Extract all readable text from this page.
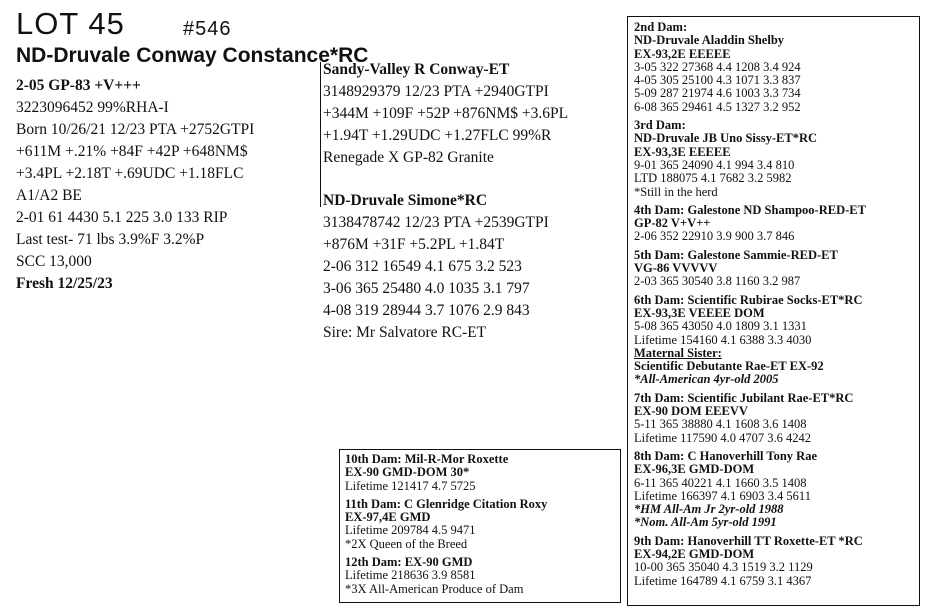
LOT 45	#546
ND-Druvale Conway Constance*RC
2-05 GP-83 +V+++
3223096452 99%RHA-I
Born 10/26/21 12/23 PTA +2752GTPI
+611M +.21% +84F +42P +648NM$
+3.4PL +2.18T +.69UDC +1.18FLC
A1/A2 BE
2-01 61 4430 5.1 225 3.0 133 RIP
Last test- 71 lbs 3.9%F 3.2%P
SCC 13,000
Fresh 12/25/23
Sandy-Valley R Conway-ET
3148929379 12/23 PTA +2940GTPI
+344M +109F +52P +876NM$ +3.6PL
+1.94T +1.29UDC +1.27FLC 99%R
Renegade X GP-82 Granite
ND-Druvale Simone*RC
3138478742 12/23 PTA +2539GTPI
+876M +31F +5.2PL +1.84T
2-06 312 16549 4.1 675 3.2 523
3-06 365 25480 4.0 1035 3.1 797
4-08 319 28944 3.7 1076 2.9 843
Sire: Mr Salvatore RC-ET
2nd Dam:
ND-Druvale Aladdin Shelby
EX-93,2E EEEEE
3-05 322 27368 4.4 1208 3.4 924
4-05 305 25100 4.3 1071 3.3 837
5-09 287 21974 4.6 1003 3.3 734
6-08 365 29461 4.5 1327 3.2 952
3rd Dam:
ND-Druvale JB Uno Sissy-ET*RC
EX-93,3E EEEEE
9-01 365 24090 4.1 994 3.4 810
LTD 188075 4.1 7682 3.2 5982
*Still in the herd
4th Dam: Galestone ND Shampoo-RED-ET
GP-82 V+V++
2-06 352 22910 3.9 900 3.7 846
5th Dam: Galestone Sammie-RED-ET
VG-86 VVVVV
2-03 365 30540 3.8 1160 3.2 987
6th Dam: Scientific Rubirae Socks-ET*RC
EX-93,3E VEEEE DOM
5-08 365 43050 4.0 1809 3.1 1331
Lifetime 154160 4.1 6388 3.3 4030
Maternal Sister:
Scientific Debutante Rae-ET EX-92
*All-American 4yr-old 2005
7th Dam: Scientific Jubilant Rae-ET*RC
EX-90 DOM EEEVV
5-11 365 38880 4.1 1608 3.6 1408
Lifetime 117590 4.0 4707 3.6 4242
8th Dam: C Hanoverhill Tony Rae
EX-96,3E GMD-DOM
6-11 365 40221 4.1 1660 3.5 1408
Lifetime 166397 4.1 6903 3.4 5611
*HM All-Am Jr 2yr-old 1988
*Nom. All-Am 5yr-old 1991
9th Dam: Hanoverhill TT Roxette-ET *RC
EX-94,2E GMD-DOM
10-00 365 35040 4.3 1519 3.2 1129
Lifetime 164789 4.1 6759 3.1 4367
10th Dam: Mil-R-Mor Roxette
EX-90 GMD-DOM 30*
Lifetime 121417 4.7 5725
11th Dam: C Glenridge Citation Roxy
EX-97,4E GMD
Lifetime 209784 4.5 9471
*2X Queen of the Breed
12th Dam: EX-90 GMD
Lifetime 218636 3.9 8581
*3X All-American Produce of Dam
